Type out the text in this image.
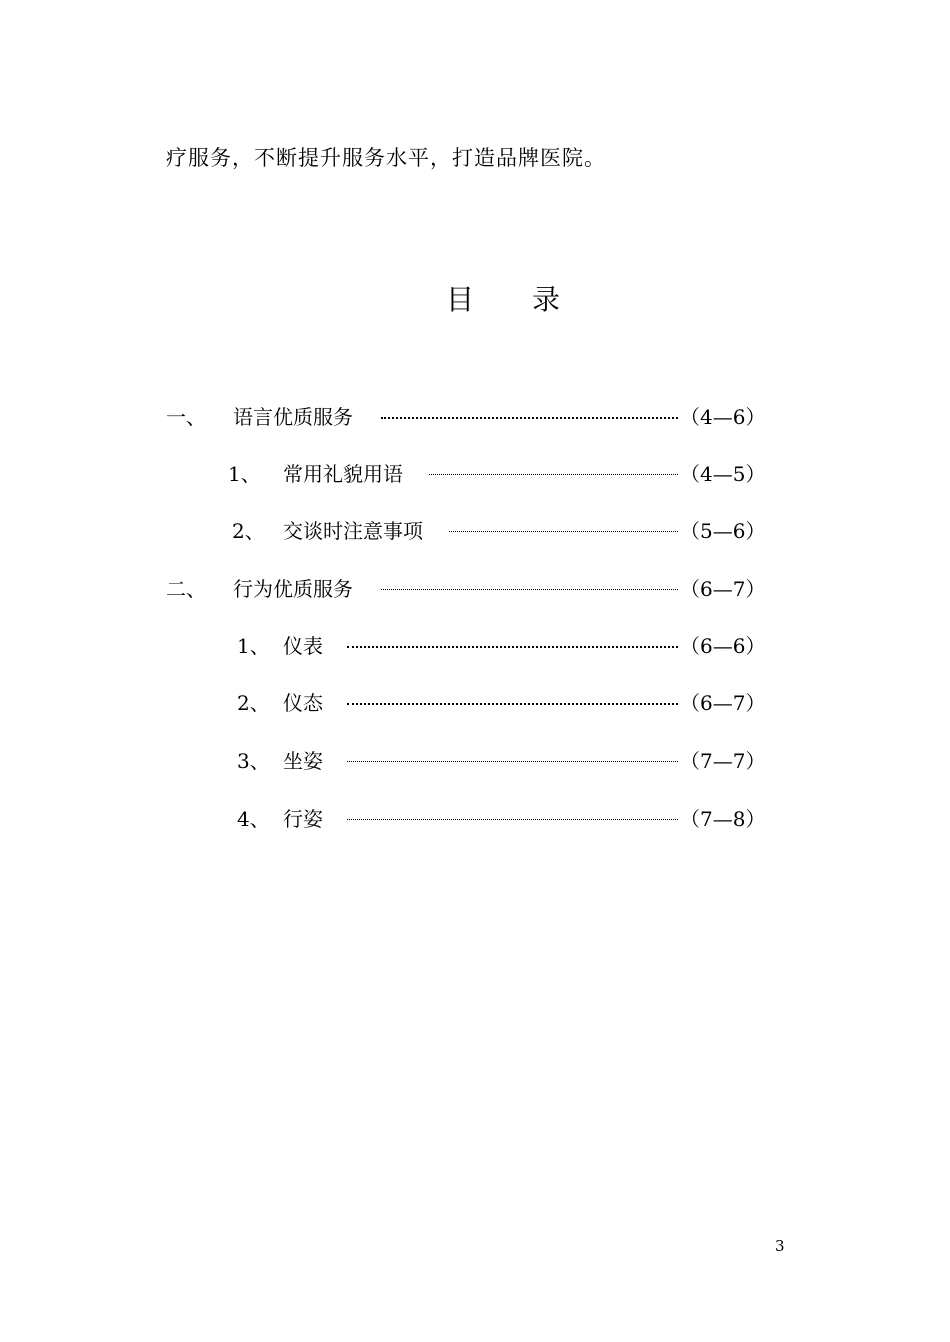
疗服务，不断提升服务水平，打造品牌医院。
目 录
一、 语言优质服务	（4—6）
1、 常用礼貌用语	（4—5）
2、 交谈时注意事项	（5—6）
二、 行为优质服务	（6—7）
1、 仪表	（6—6）
2、 仪态	（6—7）
3、 坐姿	（7—7）
4、 行姿	（7—8）
3
